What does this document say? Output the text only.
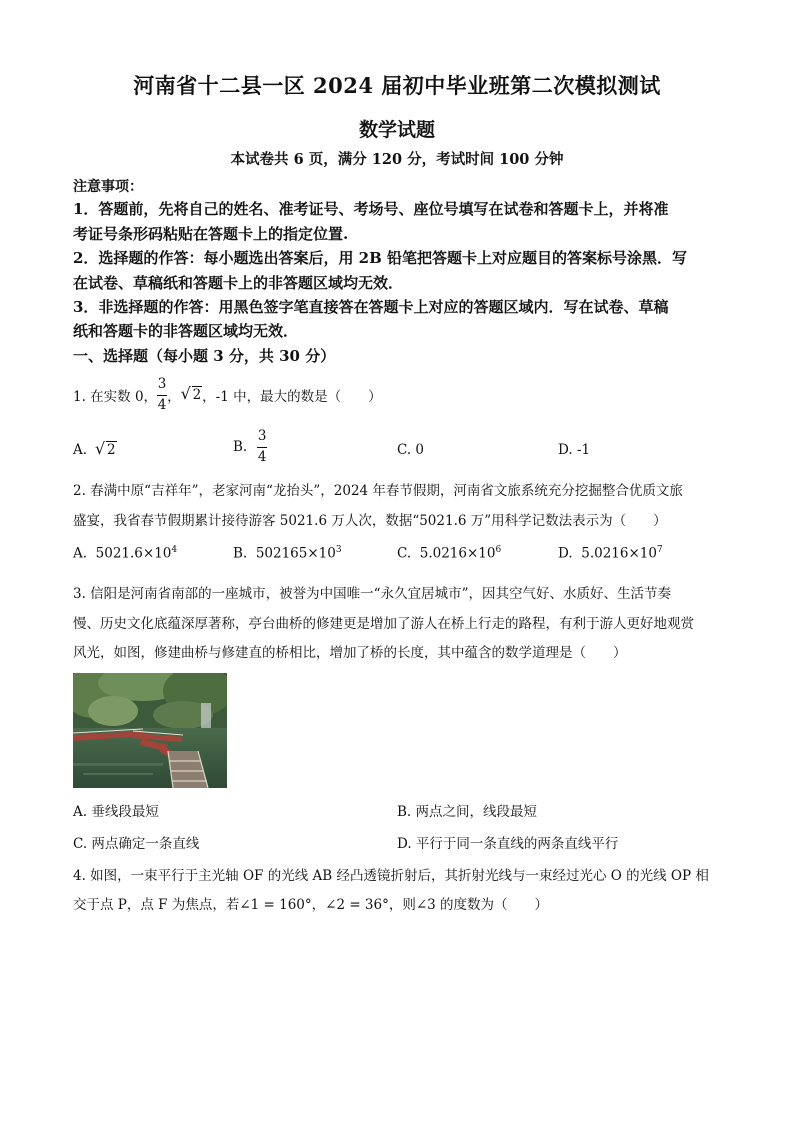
河南省十二县一区 2024 届初中毕业班第二次模拟测试
数学试题
本试卷共 6 页，满分 120 分，考试时间 100 分钟
注意事项：
1．答题前，先将自己的姓名、准考证号、考场号、座位号填写在试卷和答题卡上，并将准
考证号条形码粘贴在答题卡上的指定位置.
2．选择题的作答：每小题选出答案后，用 2B 铅笔把答题卡上对应题目的答案标号涂黑．写
在试卷、草稿纸和答题卡上的非答题区域均无效．
3．非选择题的作答：用黑色签字笔直接答在答题卡上对应的答题区域内．写在试卷、草稿
纸和答题卡的非答题区域均无效．
一、选择题（每小题 3 分，共 30 分）
1. 在实数 0， $\frac{3}{4}$ ， √ 2 ，-1 中，最大的数是（　　）
A. √ 2	B. $\frac{3}{4}$	C. 0	D. -1
2. 春满中原“吉祥年”，老家河南“龙抬头”，2024 年春节假期，河南省文旅系统充分挖掘整合优质文旅
盛宴，我省春节假期累计接待游客 5021.6 万人次，数据“5021.6 万”用科学记数法表示为（　　）
A. $5021.6\times 10^4$	B. $502165\times 10^3$	C. $5.0216\times 10^6$	D. $5.0216\times 10^7$
3. 信阳是河南省南部的一座城市，被誉为中国唯一“永久宜居城市”，因其空气好、水质好、生活节奏
慢、历史文化底蕴深厚著称，亭台曲桥的修建更是增加了游人在桥上行走的路程，有利于游人更好地观赏
风光，如图，修建曲桥与修建直的桥相比，增加了桥的长度，其中蕴含的数学道理是（　　）
A. 垂线段最短	B. 两点之间，线段最短
C. 两点确定一条直线	D. 平行于同一条直线的两条直线平行
4. 如图，一束平行于主光轴 OF 的光线 AB 经凸透镜折射后，其折射光线与一束经过光心 O 的光线 OP 相
交于点 P，点 F 为焦点，若∠1 = 160°，∠2 = 36°，则∠3 的度数为（　　）
